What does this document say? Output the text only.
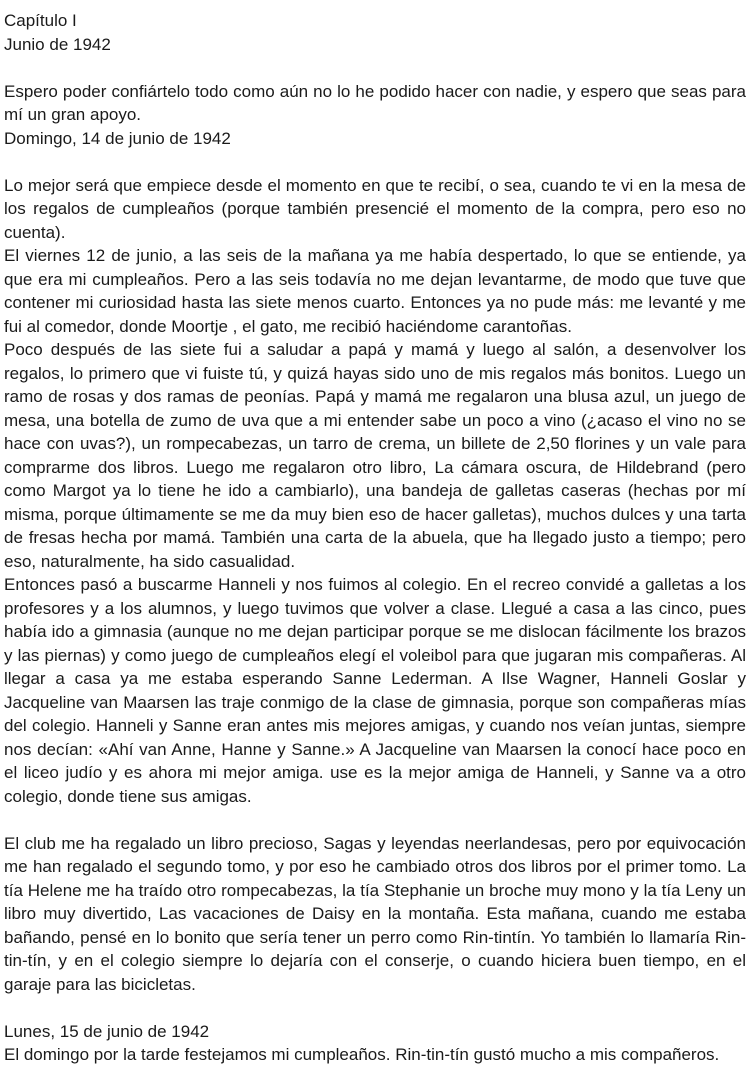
Capítulo I

Junio de 1942

Espero poder confiártelo todo como aún no lo he podido hacer con nadie, y espero que seas para mí un gran apoyo.

Domingo, 14 de junio de 1942

Lo mejor será que empiece desde el momento en que te recibí, o sea, cuando te vi en la mesa de los regalos de cumpleaños (porque también presencié el momento de la compra, pero eso no cuenta).

El viernes 12 de junio, a las seis de la mañana ya me había despertado, lo que se entiende, ya que era mi cumpleaños. Pero a las seis todavía no me dejan levantarme, de modo que tuve que contener mi curiosidad hasta las siete menos cuarto. Entonces ya no pude más: me levanté y me fui al comedor, donde Moortje , el gato, me recibió haciéndome carantoñas.

Poco después de las siete fui a saludar a papá y mamá y luego al salón, a desenvolver los regalos, lo primero que vi fuiste tú, y quizá hayas sido uno de mis regalos más bonitos. Luego un ramo de rosas y dos ramas de peonías. Papá y mamá me regalaron una blusa azul, un juego de mesa, una botella de zumo de uva que a mi entender sabe un poco a vino (¿acaso el vino no se hace con uvas?), un rompecabezas, un tarro de crema, un billete de 2,50 florines y un vale para comprarme dos libros. Luego me regalaron otro libro, La cámara oscura, de Hildebrand (pero como Margot ya lo tiene he ido a cambiarlo), una bandeja de galletas caseras (hechas por mí misma, porque últimamente se me da muy bien eso de hacer galletas), muchos dulces y una tarta de fresas hecha por mamá. También una carta de la abuela, que ha llegado justo a tiempo; pero eso, naturalmente, ha sido casualidad.

Entonces pasó a buscarme Hanneli y nos fuimos al colegio. En el recreo convidé a galletas a los profesores y a los alumnos, y luego tuvimos que volver a clase. Llegué a casa a las cinco, pues había ido a gimnasia (aunque no me dejan participar porque se me dislocan fácilmente los brazos y las piernas) y como juego de cumpleaños elegí el voleibol para que jugaran mis compañeras. Al llegar a casa ya me estaba esperando Sanne Lederman. A Ilse Wagner, Hanneli Goslar y Jacqueline van Maarsen las traje conmigo de la clase de gimnasia, porque son compañeras mías del colegio. Hanneli y Sanne eran antes mis mejores amigas, y cuando nos veían juntas, siempre nos decían: «Ahí van Anne, Hanne y Sanne.» A Jacqueline van Maarsen la conocí hace poco en el liceo judío y es ahora mi mejor amiga. use es la mejor amiga de Hanneli, y Sanne va a otro colegio, donde tiene sus amigas.

El club me ha regalado un libro precioso, Sagas y leyendas neerlandesas, pero por equivocación me han regalado el segundo tomo, y por eso he cambiado otros dos libros por el primer tomo. La tía Helene me ha traído otro rompecabezas, la tía Stephanie un broche muy mono y la tía Leny un libro muy divertido, Las vacaciones de Daisy en la montaña. Esta mañana, cuando me estaba bañando, pensé en lo bonito que sería tener un perro como Rin-tintín. Yo también lo llamaría Rin-tin-tín, y en el colegio siempre lo dejaría con el conserje, o cuando hiciera buen tiempo, en el garaje para las bicicletas.

Lunes, 15 de junio de 1942

El domingo por la tarde festejamos mi cumpleaños. Rin-tin-tín gustó mucho a mis compañeros.
